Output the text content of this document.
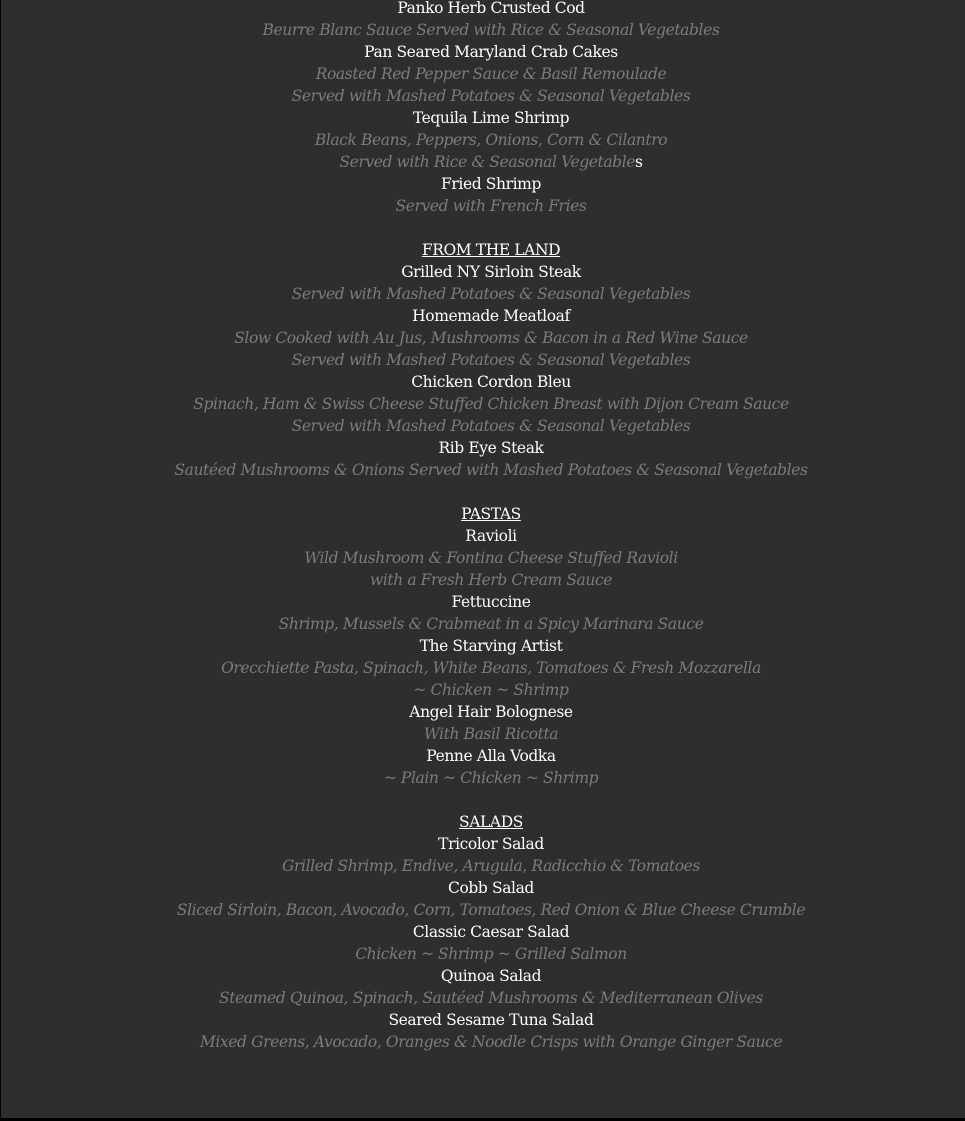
Panko Herb Crusted Cod
Beurre Blanc Sauce Served with Rice & Seasonal Vegetables
Pan Seared Maryland Crab Cakes
Roasted Red Pepper Sauce & Basil Remoulade
Served with Mashed Potatoes & Seasonal Vegetables
Tequila Lime Shrimp
Black Beans, Peppers, Onions, Corn & Cilantro
Served with Rice & Seasonal Vegetables
Fried Shrimp
Served with French Fries
FROM THE LAND
Grilled NY Sirloin Steak
Served with Mashed Potatoes & Seasonal Vegetables
Homemade Meatloaf
Slow Cooked with Au Jus, Mushrooms & Bacon in a Red Wine Sauce
Served with Mashed Potatoes & Seasonal Vegetables
Chicken Cordon Bleu
Spinach, Ham & Swiss Cheese Stuffed Chicken Breast with Dijon Cream Sauce
Served with Mashed Potatoes & Seasonal Vegetables
Rib Eye Steak
Sautéed Mushrooms & Onions Served with Mashed Potatoes & Seasonal Vegetables
PASTAS
Ravioli
Wild Mushroom & Fontina Cheese Stuffed Ravioli
with a Fresh Herb Cream Sauce
Fettuccine
Shrimp, Mussels & Crabmeat in a Spicy Marinara Sauce
The Starving Artist
Orecchiette Pasta, Spinach, White Beans, Tomatoes & Fresh Mozzarella
~ Chicken ~ Shrimp
Angel Hair Bolognese
With Basil Ricotta
Penne Alla Vodka
~ Plain ~ Chicken ~ Shrimp
SALADS
Tricolor Salad
Grilled Shrimp, Endive, Arugula, Radicchio & Tomatoes
Cobb Salad
Sliced Sirloin, Bacon, Avocado, Corn, Tomatoes, Red Onion & Blue Cheese Crumble
Classic Caesar Salad
Chicken ~ Shrimp ~ Grilled Salmon
Quinoa Salad
Steamed Quinoa, Spinach, Sautéed Mushrooms & Mediterranean Olives
Seared Sesame Tuna Salad
Mixed Greens, Avocado, Oranges & Noodle Crisps with Orange Ginger Sauce
